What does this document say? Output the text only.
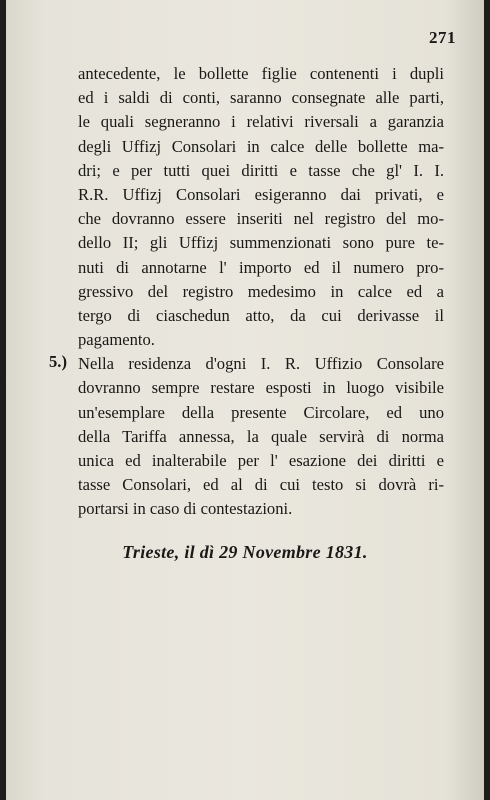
271
antecedente, le bollette figlie contenenti i dupli
ed i saldi di conti, saranno consegnate alle parti,
le quali segneranno i relativi riversali a garanzia
degli Uffizj Consolari in calce delle bollette ma-
dri; e per tutti quei diritti e tasse che gl' I. I.
R.R. Uffizj Consolari esigeranno dai privati, e
che dovranno essere inseriti nel registro del mo-
dello II; gli Uffizj summenzionati sono pure te-
nuti di annotarne l' importo ed il numero pro-
gressivo del registro medesimo in calce ed a
tergo di ciaschedun atto, da cui derivasse il
pagamento.
5.) Nella residenza d'ogni I. R. Uffizio Consolare
dovranno sempre restare esposti in luogo visibile
un'esemplare della presente Circolare, ed uno
della Tariffa annessa, la quale servirà di norma
unica ed inalterabile per l' esazione dei diritti e
tasse Consolari, ed al di cui testo si dovrà ri-
portarsi in caso di contestazioni.
Trieste, il dì 29 Novembre 1831.
